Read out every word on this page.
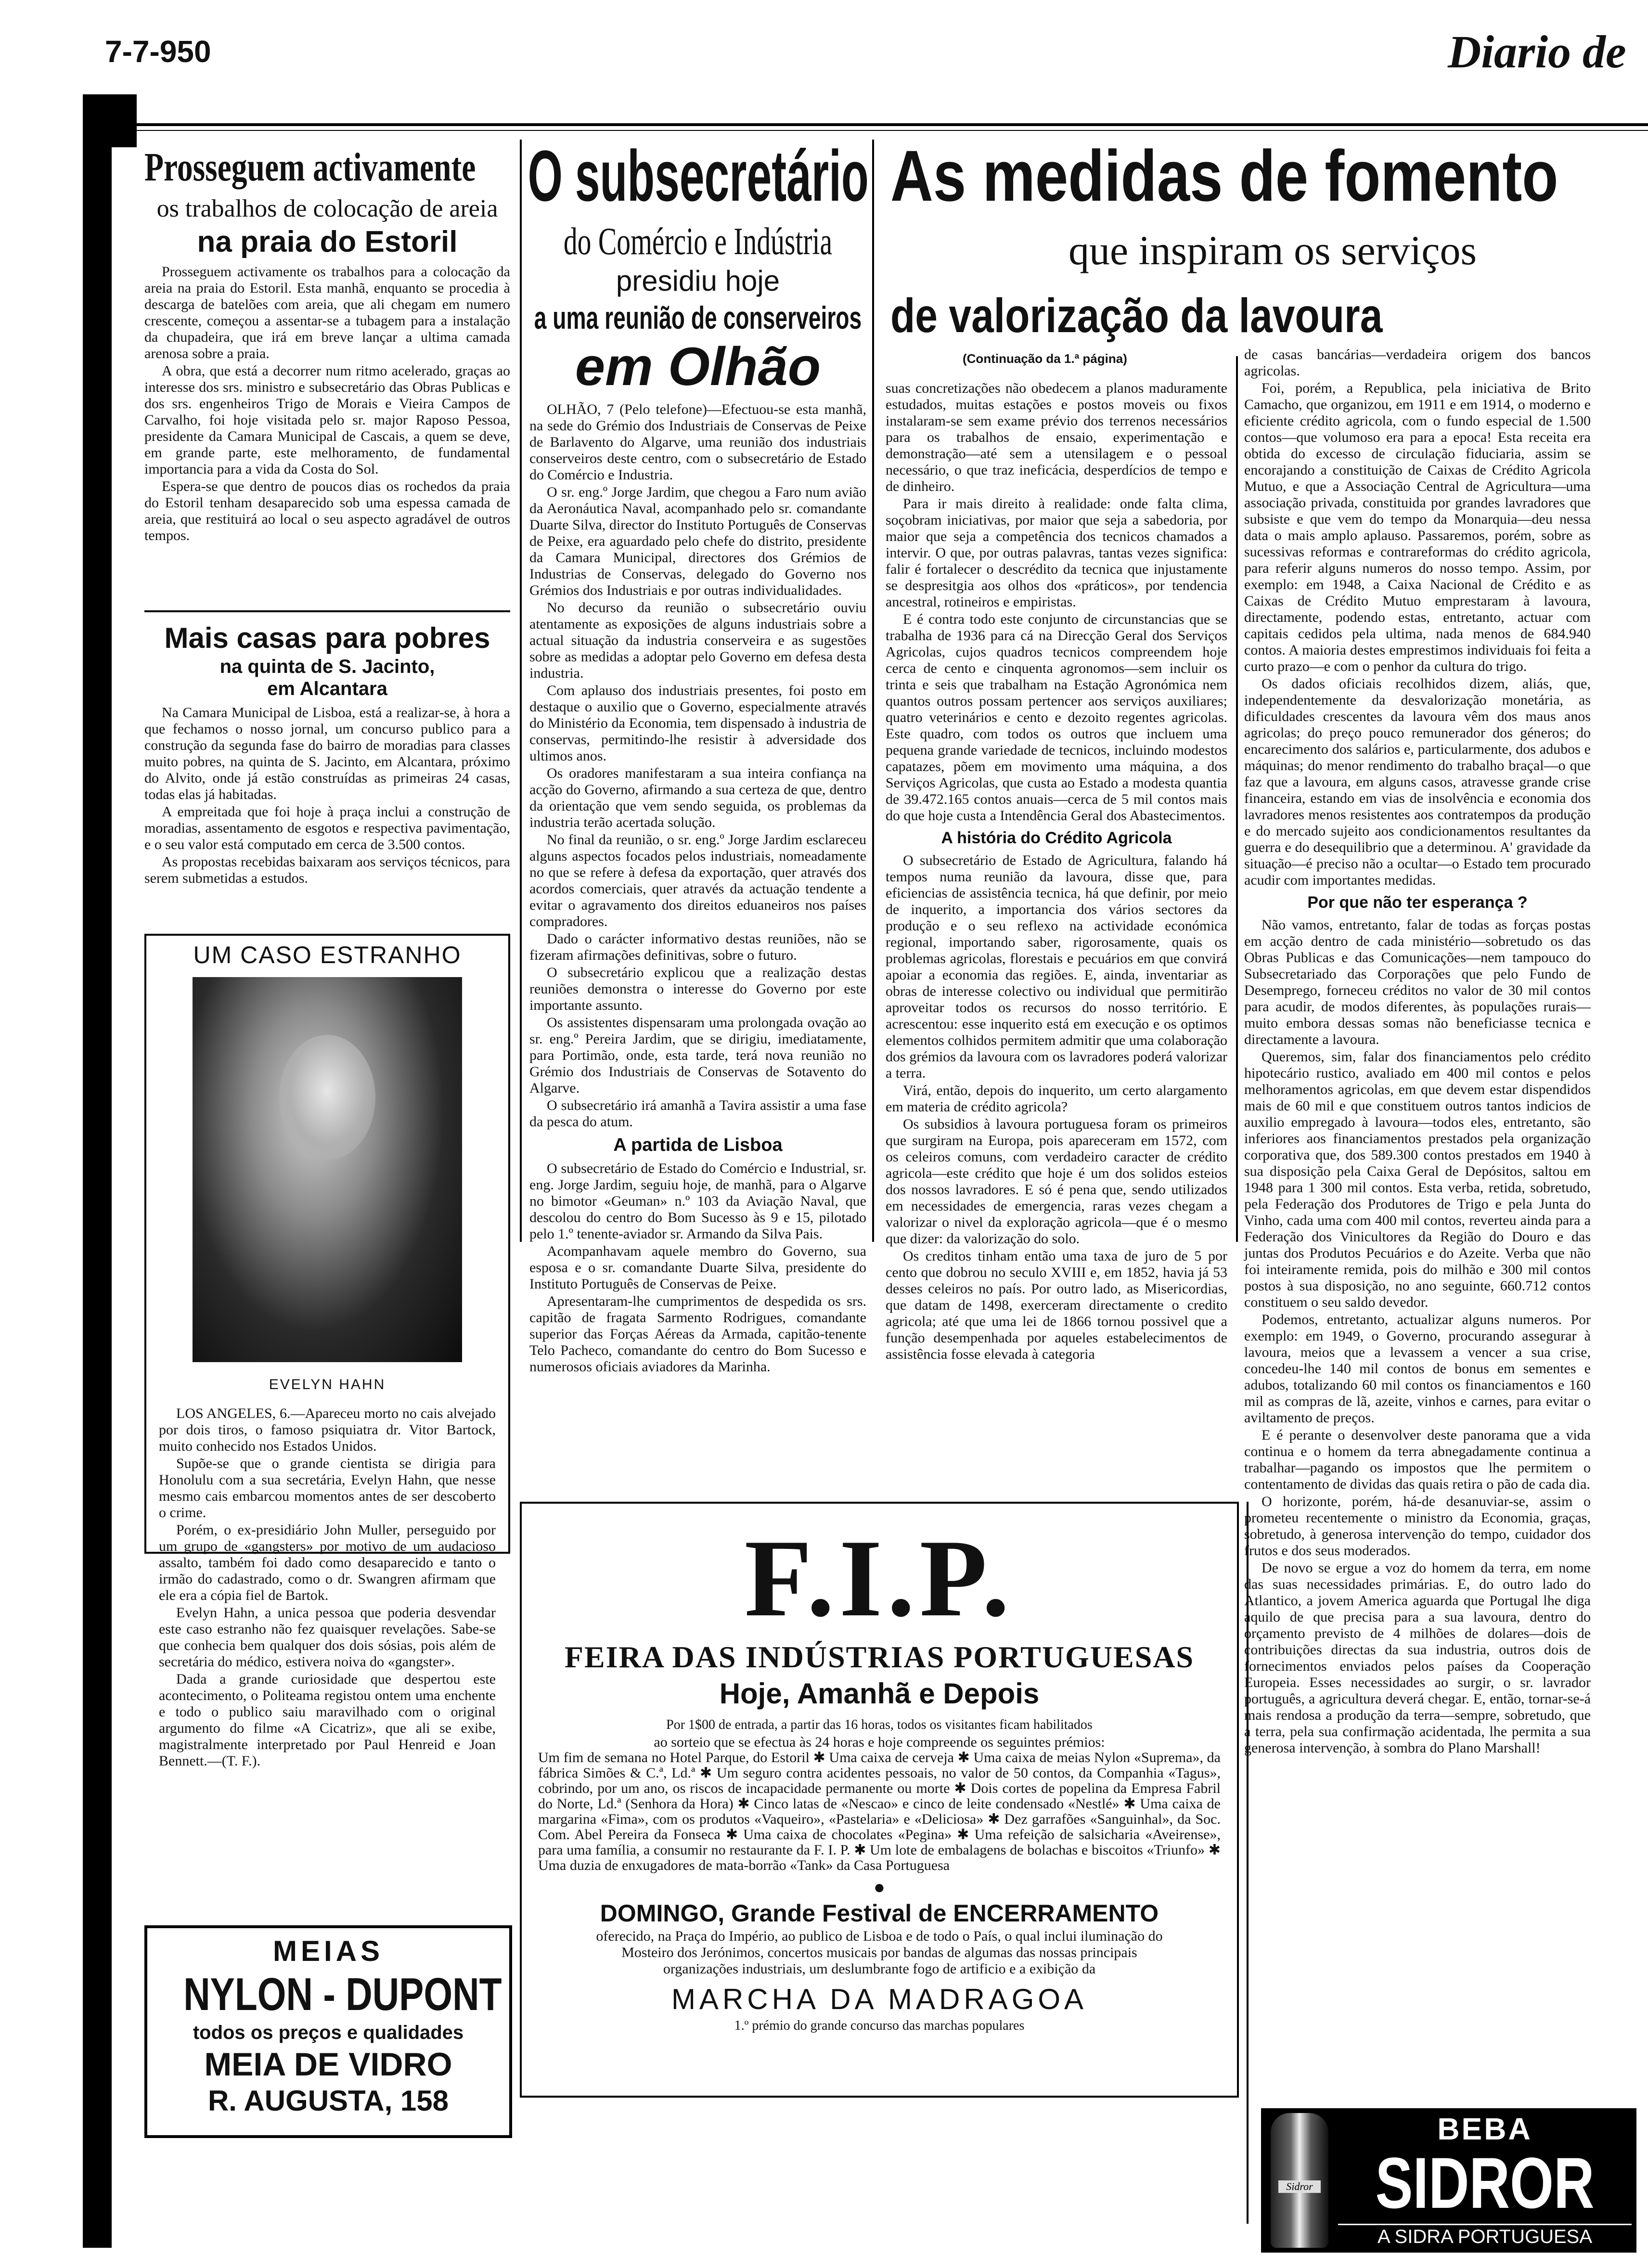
7-7-950	Diario de
Prosseguem activamente
os trabalhos de colocação de areia
na praia do Estoril

Prosseguem activamente os trabalhos para a colocação da areia na praia do Estoril. Esta manhã, enquanto se procedia à descarga de batelões com areia, que ali chegam em numero crescente, começou a assentar-se a tubagem para a instalação da chupadeira, que irá em breve lançar a ultima camada arenosa sobre a praia.

A obra, que está a decorrer num ritmo acelerado, graças ao interesse dos srs. ministro e subsecretário das Obras Publicas e dos srs. engenheiros Trigo de Morais e Vieira Campos de Carvalho, foi hoje visitada pelo sr. major Raposo Pessoa, presidente da Camara Municipal de Cascais, a quem se deve, em grande parte, este melhoramento, de fundamental importancia para a vida da Costa do Sol.

Espera-se que dentro de poucos dias os rochedos da praia do Estoril tenham desaparecido sob uma espessa camada de areia, que restituirá ao local o seu aspecto agradável de outros tempos.

Mais casas para pobres
na quinta de S. Jacinto,
em Alcantara

Na Camara Municipal de Lisboa, está a realizar-se, à hora a que fechamos o nosso jornal, um concurso publico para a construção da segunda fase do bairro de moradias para classes muito pobres, na quinta de S. Jacinto, em Alcantara, próximo do Alvito, onde já estão construídas as primeiras 24 casas, todas elas já habitadas.

A empreitada que foi hoje à praça inclui a construção de moradias, assentamento de esgotos e respectiva pavimentação, e o seu valor está computado em cerca de 3.500 contos.

As propostas recebidas baixaram aos serviços técnicos, para serem submetidas a estudos.

UM CASO ESTRANHO
EVELYN HAHN

LOS ANGELES, 6.—Apareceu morto no cais alvejado por dois tiros, o famoso psiquiatra dr. Vitor Bartock, muito conhecido nos Estados Unidos.

Supõe-se que o grande cientista se dirigia para Honolulu com a sua secretária, Evelyn Hahn, que nesse mesmo cais embarcou momentos antes de ser descoberto o crime.

Porém, o ex-presidiário John Muller, perseguido por um grupo de «gangsters» por motivo de um audacioso assalto, também foi dado como desaparecido e tanto o irmão do cadastrado, como o dr. Swangren afirmam que ele era a cópia fiel de Bartok.

Evelyn Hahn, a unica pessoa que poderia desvendar este caso estranho não fez quaisquer revelações. Sabe-se que conhecia bem qualquer dos dois sósias, pois além de secretária do médico, estivera noiva do «gangster».

Dada a grande curiosidade que despertou este acontecimento, o Politeama registou ontem uma enchente e todo o publico saiu maravilhado com o original argumento do filme «A Cicatriz», que ali se exibe, magistralmente interpretado por Paul Henreid e Joan Bennett.—(T. F.).

MEIAS
NYLON - DUPONT
todos os preços e qualidades
MEIA DE VIDRO
R. AUGUSTA, 158
O subsecretário
do Comércio e Indústria
presidiu hoje
a uma reunião de conserveiros
em Olhão

OLHÃO, 7 (Pelo telefone)—Efectuou-se esta manhã, na sede do Grémio dos Industriais de Conservas de Peixe de Barlavento do Algarve, uma reunião dos industriais conserveiros deste centro, com o subsecretário de Estado do Comércio e Industria.

O sr. eng.º Jorge Jardim, que chegou a Faro num avião da Aeronáutica Naval, acompanhado pelo sr. comandante Duarte Silva, director do Instituto Português de Conservas de Peixe, era aguardado pelo chefe do distrito, presidente da Camara Municipal, directores dos Grémios de Industrias de Conservas, delegado do Governo nos Grémios dos Industriais e por outras individualidades.

No decurso da reunião o subsecretário ouviu atentamente as exposições de alguns industriais sobre a actual situação da industria conserveira e as sugestões sobre as medidas a adoptar pelo Governo em defesa desta industria.

Com aplauso dos industriais presentes, foi posto em destaque o auxilio que o Governo, especialmente através do Ministério da Economia, tem dispensado à industria de conservas, permitindo-lhe resistir à adversidade dos ultimos anos.

Os oradores manifestaram a sua inteira confiança na acção do Governo, afirmando a sua certeza de que, dentro da orientação que vem sendo seguida, os problemas da industria terão acertada solução.

No final da reunião, o sr. eng.º Jorge Jardim esclareceu alguns aspectos focados pelos industriais, nomeadamente no que se refere à defesa da exportação, quer através dos acordos comerciais, quer através da actuação tendente a evitar o agravamento dos direitos eduaneiros nos países compradores.

Dado o carácter informativo destas reuniões, não se fizeram afirmações definitivas, sobre o futuro.

O subsecretário explicou que a realização destas reuniões demonstra o interesse do Governo por este importante assunto.

Os assistentes dispensaram uma prolongada ovação ao sr. eng.º Pereira Jardim, que se dirigiu, imediatamente, para Portimão, onde, esta tarde, terá nova reunião no Grémio dos Industriais de Conservas de Sotavento do Algarve.

O subsecretário irá amanhã a Tavira assistir a uma fase da pesca do atum.

A partida de Lisboa

O subsecretário de Estado do Comércio e Industrial, sr. eng. Jorge Jardim, seguiu hoje, de manhã, para o Algarve no bimotor «Geuman» n.º 103 da Aviação Naval, que descolou do centro do Bom Sucesso às 9 e 15, pilotado pelo 1.º tenente-aviador sr. Armando da Silva Pais.

Acompanhavam aquele membro do Governo, sua esposa e o sr. comandante Duarte Silva, presidente do Instituto Português de Conservas de Peixe.

Apresentaram-lhe cumprimentos de despedida os srs. capitão de fragata Sarmento Rodrigues, comandante superior das Forças Aéreas da Armada, capitão-tenente Telo Pacheco, comandante do centro do Bom Sucesso e numerosos oficiais aviadores da Marinha.

As medidas de fomento
que inspiram os serviços
de valorização da lavoura
(Continuação da 1.ª página)

suas concretizações não obedecem a planos maduramente estudados, muitas estações e postos moveis ou fixos instalaram-se sem exame prévio dos terrenos necessários para os trabalhos de ensaio, experimentação e demonstração—até sem a utensilagem e o pessoal necessário, o que traz ineficácia, desperdícios de tempo e de dinheiro.

Para ir mais direito à realidade: onde falta clima, soçobram iniciativas, por maior que seja a sabedoria, por maior que seja a competência dos tecnicos chamados a intervir. O que, por outras palavras, tantas vezes significa: falir é fortalecer o descrédito da tecnica que injustamente se despresitgia aos olhos dos «práticos», por tendencia ancestral, rotineiros e empiristas.

E é contra todo este conjunto de circunstancias que se trabalha de 1936 para cá na Direcção Geral dos Serviços Agricolas, cujos quadros tecnicos compreendem hoje cerca de cento e cinquenta agronomos—sem incluir os trinta e seis que trabalham na Estação Agronómica nem quantos outros possam pertencer aos serviços auxiliares; quatro veterinários e cento e dezoito regentes agricolas. Este quadro, com todos os outros que incluem uma pequena grande variedade de tecnicos, incluindo modestos capatazes, põem em movimento uma máquina, a dos Serviços Agricolas, que custa ao Estado a modesta quantia de 39.472.165 contos anuais—cerca de 5 mil contos mais do que hoje custa a Intendência Geral dos Abastecimentos.

A história do Crédito Agricola

O subsecretário de Estado de Agricultura, falando há tempos numa reunião da lavoura, disse que, para eficiencias de assistência tecnica, há que definir, por meio de inquerito, a importancia dos vários sectores da produção e o seu reflexo na actividade económica regional, importando saber, rigorosamente, quais os problemas agricolas, florestais e pecuários em que convirá apoiar a economia das regiões. E, ainda, inventariar as obras de interesse colectivo ou individual que permitirão aproveitar todos os recursos do nosso território. E acrescentou: esse inquerito está em execução e os optimos elementos colhidos permitem admitir que uma colaboração dos grémios da lavoura com os lavradores poderá valorizar a terra.

Virá, então, depois do inquerito, um certo alargamento em materia de crédito agricola?

Os subsidios à lavoura portuguesa foram os primeiros que surgiram na Europa, pois apareceram em 1572, com os celeiros comuns, com verdadeiro caracter de crédito agricola—este crédito que hoje é um dos solidos esteios dos nossos lavradores. E só é pena que, sendo utilizados em necessidades de emergencia, raras vezes chegam a valorizar o nivel da exploração agricola—que é o mesmo que dizer: da valorização do solo.

Os creditos tinham então uma taxa de juro de 5 por cento que dobrou no seculo XVIII e, em 1852, havia já 53 desses celeiros no país. Por outro lado, as Misericordias, que datam de 1498, exerceram directamente o credito agricola; até que uma lei de 1866 tornou possivel que a função desempenhada por aqueles estabelecimentos de assistência fosse elevada à categoria

de casas bancárias—verdadeira origem dos bancos agricolas.

Foi, porém, a Republica, pela iniciativa de Brito Camacho, que organizou, em 1911 e em 1914, o moderno e eficiente crédito agricola, com o fundo especial de 1.500 contos—que volumoso era para a epoca! Esta receita era obtida do excesso de circulação fiduciaria, assim se encorajando a constituição de Caixas de Crédito Agricola Mutuo, e que a Associação Central de Agricultura—uma associação privada, constituida por grandes lavradores que subsiste e que vem do tempo da Monarquia—deu nessa data o mais amplo aplauso. Passaremos, porém, sobre as sucessivas reformas e contrareformas do crédito agricola, para referir alguns numeros do nosso tempo. Assim, por exemplo: em 1948, a Caixa Nacional de Crédito e as Caixas de Crédito Mutuo emprestaram à lavoura, directamente, podendo estas, entretanto, actuar com capitais cedidos pela ultima, nada menos de 684.940 contos. A maioria destes emprestimos individuais foi feita a curto prazo—e com o penhor da cultura do trigo.

Os dados oficiais recolhidos dizem, aliás, que, independentemente da desvalorização monetária, as dificuldades crescentes da lavoura vêm dos maus anos agricolas; do preço pouco remunerador dos géneros; do encarecimento dos salários e, particularmente, dos adubos e máquinas; do menor rendimento do trabalho braçal—o que faz que a lavoura, em alguns casos, atravesse grande crise financeira, estando em vias de insolvência e economia dos lavradores menos resistentes aos contratempos da produção e do mercado sujeito aos condicionamentos resultantes da guerra e do desequilibrio que a determinou. A' gravidade da situação—é preciso não a ocultar—o Estado tem procurado acudir com importantes medidas.

Por que não ter esperança ?

Não vamos, entretanto, falar de todas as forças postas em acção dentro de cada ministério—sobretudo os das Obras Publicas e das Comunicações—nem tampouco do Subsecretariado das Corporações que pelo Fundo de Desemprego, forneceu créditos no valor de 30 mil contos para acudir, de modos diferentes, às populações rurais—muito embora dessas somas não beneficiasse tecnica e directamente a lavoura.

Queremos, sim, falar dos financiamentos pelo crédito hipotecário rustico, avaliado em 400 mil contos e pelos melhoramentos agricolas, em que devem estar dispendidos mais de 60 mil e que constituem outros tantos indicios de auxilio empregado à lavoura—todos eles, entretanto, são inferiores aos financiamentos prestados pela organização corporativa que, dos 589.300 contos prestados em 1940 à sua disposição pela Caixa Geral de Depósitos, saltou em 1948 para 1 300 mil contos. Esta verba, retida, sobretudo, pela Federação dos Produtores de Trigo e pela Junta do Vinho, cada uma com 400 mil contos, reverteu ainda para a Federação dos Vinicultores da Região do Douro e das juntas dos Produtos Pecuários e do Azeite. Verba que não foi inteiramente remida, pois do milhão e 300 mil contos postos à sua disposição, no ano seguinte, 660.712 contos constituem o seu saldo devedor.

Podemos, entretanto, actualizar alguns numeros. Por exemplo: em 1949, o Governo, procurando assegurar à lavoura, meios que a levassem a vencer a sua crise, concedeu-lhe 140 mil contos de bonus em sementes e adubos, totalizando 60 mil contos os financiamentos e 160 mil as compras de lã, azeite, vinhos e carnes, para evitar o aviltamento de preços.

E é perante o desenvolver deste panorama que a vida continua e o homem da terra abnegadamente continua a trabalhar—pagando os impostos que lhe permitem o contentamento de dividas das quais retira o pão de cada dia.

O horizonte, porém, há-de desanuviar-se, assim o prometeu recentemente o ministro da Economia, graças, sobretudo, à generosa intervenção do tempo, cuidador dos frutos e dos seus moderados.

De novo se ergue a voz do homem da terra, em nome das suas necessidades primárias. E, do outro lado do Atlantico, a jovem America aguarda que Portugal lhe diga aquilo de que precisa para a sua lavoura, dentro do orçamento previsto de 4 milhões de dolares—dois de contribuições directas da sua industria, outros dois de fornecimentos enviados pelos países da Cooperação Europeia. Esses necessidades ao surgir, o sr. lavrador português, a agricultura deverá chegar. E, então, tornar-se-á mais rendosa a produção da terra—sempre, sobretudo, que a terra, pela sua confirmação acidentada, lhe permita a sua generosa intervenção, à sombra do Plano Marshall!

F.I.P.
FEIRA DAS INDÚSTRIAS PORTUGUESAS
Hoje, Amanhã e Depois
Por 1$00 de entrada, a partir das 16 horas, todos os visitantes ficam habilitados
ao sorteio que se efectua às 24 horas e hoje compreende os seguintes prémios:
Um fim de semana no Hotel Parque, do Estoril ✱ Uma caixa de cerveja ✱ Uma caixa de meias Nylon «Suprema», da fábrica Simões & C.ª, Ld.ª ✱ Um seguro contra acidentes pessoais, no valor de 50 contos, da Companhia «Tagus», cobrindo, por um ano, os riscos de incapacidade permanente ou morte ✱ Dois cortes de popelina da Empresa Fabril do Norte, Ld.ª (Senhora da Hora) ✱ Cinco latas de «Nescao» e cinco de leite condensado «Nestlé» ✱ Uma caixa de margarina «Fima», com os produtos «Vaqueiro», «Pastelaria» e «Deliciosa» ✱ Dez garrafões «Sanguinhal», da Soc. Com. Abel Pereira da Fonseca ✱ Uma caixa de chocolates «Pegina» ✱ Uma refeição de salsicharia «Aveirense», para uma família, a consumir no restaurante da F. I. P. ✱ Um lote de embalagens de bolachas e biscoitos «Triunfo» ✱ Uma duzia de enxugadores de mata-borrão «Tank» da Casa Portuguesa
●
DOMINGO, Grande Festival de ENCERRAMENTO
oferecido, na Praça do Império, ao publico de Lisboa e de todo o País, o qual inclui iluminação do Mosteiro dos Jerónimos, concertos musicais por bandas de algumas das nossas principais organizações industriais, um deslumbrante fogo de artificio e a exibição da
MARCHA DA MADRAGOA
1.º prémio do grande concurso das marchas populares
Sidror
BEBA
SIDROR
A SIDRA PORTUGUESA
